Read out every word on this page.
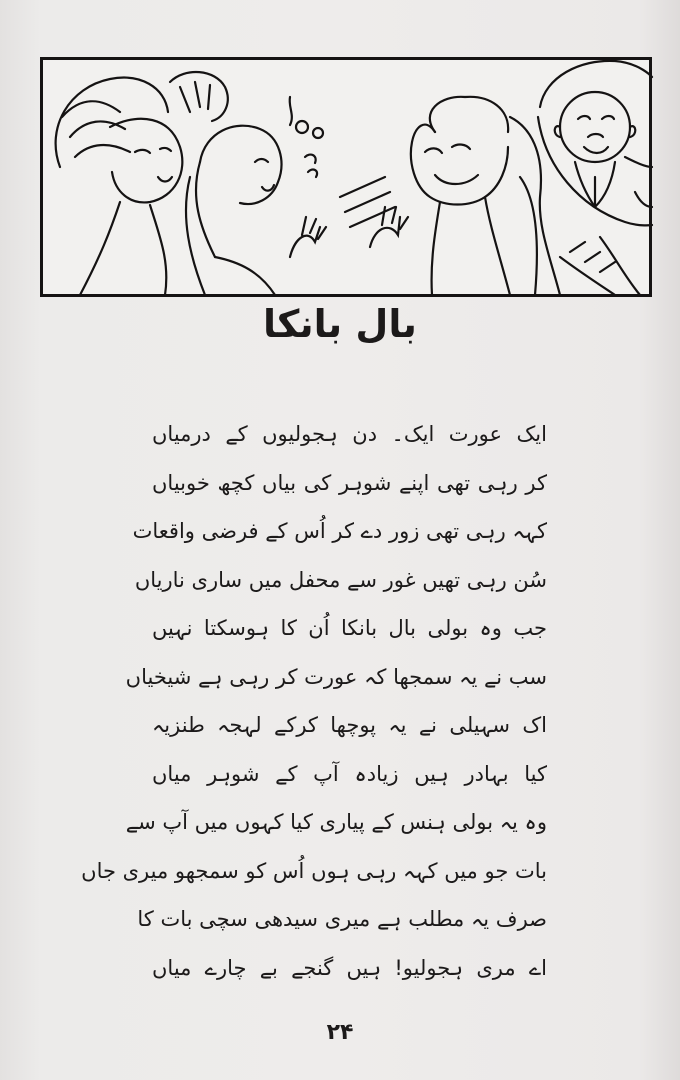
بال بانکا
ایک عورت ایک۔ دن ہجولیوں کے درمیاں
کر رہی تھی اپنے شوہر کی بیاں کچھ خوبیاں
کہہ رہی تھی زور دے کر اُس کے فرضی واقعات
سُن رہی تھیں غور سے محفل میں ساری ناریاں
جب وہ بولی بال بانکا اُن کا ہوسکتا نہیں
سب نے یہ سمجھا کہ عورت کر رہی ہے شیخیاں
اک سہیلی نے یہ پوچھا کرکے لہجہ طنزیہ
کیا بہادر ہیں زیادہ آپ کے شوہر میاں
وہ یہ بولی ہنس کے پیاری کیا کہوں میں آپ سے
بات جو میں کہہ رہی ہوں اُس کو سمجھو میری جاں
صرف یہ مطلب ہے میری سیدھی سچی بات کا
اے مری ہجولیو! ہیں گنجے بے چارے میاں
۲۴
